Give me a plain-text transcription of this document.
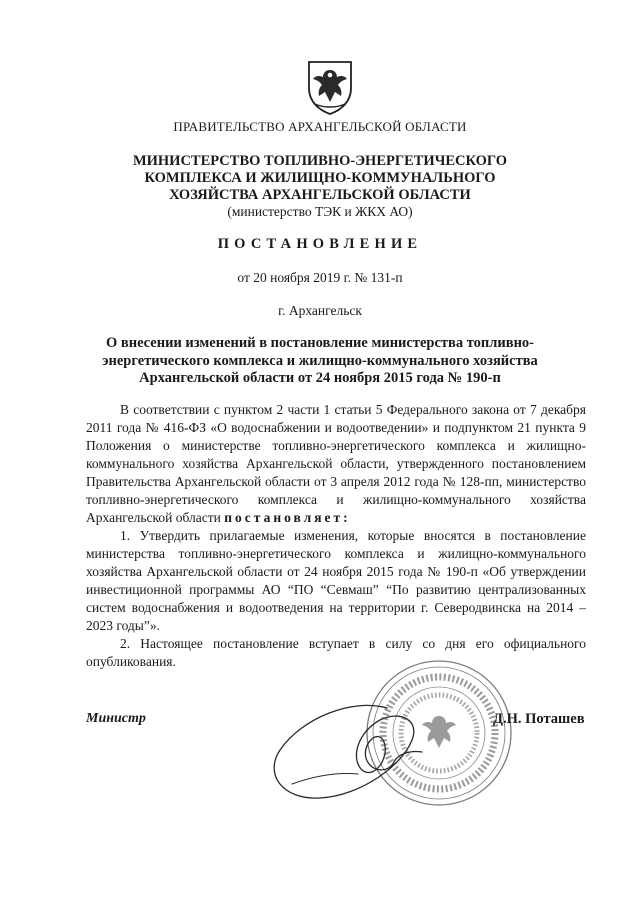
ПРАВИТЕЛЬСТВО АРХАНГЕЛЬСКОЙ ОБЛАСТИ
МИНИСТЕРСТВО ТОПЛИВНО-ЭНЕРГЕТИЧЕСКОГО
КОМПЛЕКСА И ЖИЛИЩНО-КОММУНАЛЬНОГО
ХОЗЯЙСТВА АРХАНГЕЛЬСКОЙ ОБЛАСТИ
(министерство ТЭК и ЖКХ АО)
ПОСТАНОВЛЕНИЕ
от 20 ноября 2019 г. № 131-п
г. Архангельск
О внесении изменений в постановление министерства топливно-
энергетического комплекса и жилищно-коммунального хозяйства
Архангельской области от 24 ноября 2015 года № 190-п

В соответствии с пунктом 2 части 1 статьи 5 Федерального закона от 7 декабря 2011 года № 416-ФЗ «О водоснабжении и водоотведении» и подпунктом 21 пункта 9 Положения о министерстве топливно-энергетического комплекса и жилищно-коммунального хозяйства Архангельской области, утвержденного постановлением Правительства Архангельской области от 3 апреля 2012 года № 128-пп, министерство топливно-энергетического комплекса и жилищно-коммунального хозяйства Архангельской области постановляет:

1. Утвердить прилагаемые изменения, которые вносятся в постановление министерства топливно-энергетического комплекса и жилищно-коммунального хозяйства Архангельской области от 24 ноября 2015 года № 190-п «Об утверждении инвестиционной программы АО “ПО “Севмаш” “По развитию централизованных систем водоснабжения и водоотведения на территории г. Северодвинска на 2014 – 2023 годы”».

2. Настоящее постановление вступает в силу со дня его официального опубликования.

Министр	Д.Н. Поташев
